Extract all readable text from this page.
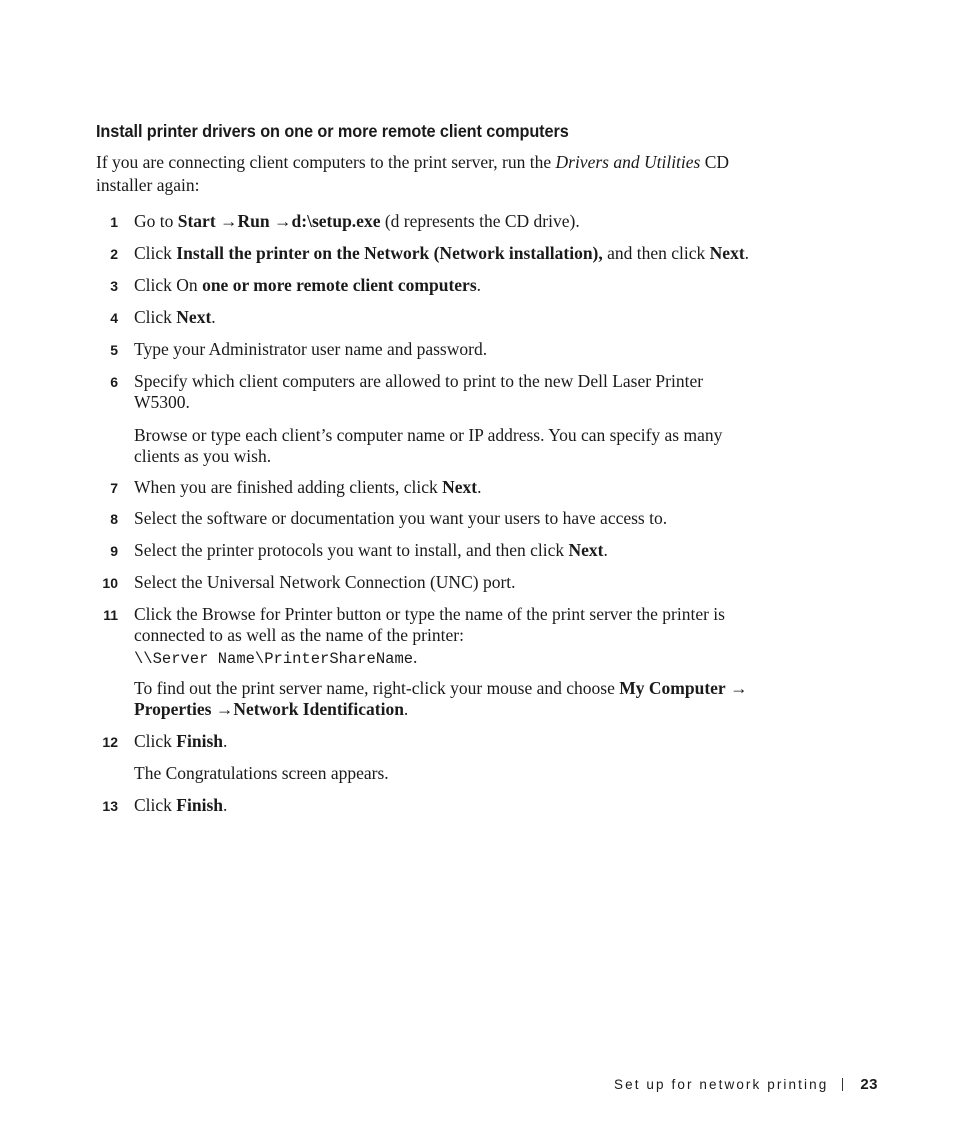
Install printer drivers on one or more remote client computers
If you are connecting client computers to the print server, run the Drivers and Utilities CD installer again:
1 Go to Start →Run →d:\setup.exe (d represents the CD drive).
2 Click Install the printer on the Network (Network installation), and then click Next.
3 Click On one or more remote client computers.
4 Click Next.
5 Type your Administrator user name and password.
6 Specify which client computers are allowed to print to the new Dell Laser Printer W5300.
Browse or type each client’s computer name or IP address. You can specify as many clients as you wish.
7 When you are finished adding clients, click Next.
8 Select the software or documentation you want your users to have access to.
9 Select the printer protocols you want to install, and then click Next.
10 Select the Universal Network Connection (UNC) port.
11 Click the Browse for Printer button or type the name of the print server the printer is connected to as well as the name of the printer:
\\Server Name\PrinterShareName.
To find out the print server name, right-click your mouse and choose My Computer → Properties →Network Identification.
12 Click Finish.
The Congratulations screen appears.
13 Click Finish.
Set up for network printing 23
